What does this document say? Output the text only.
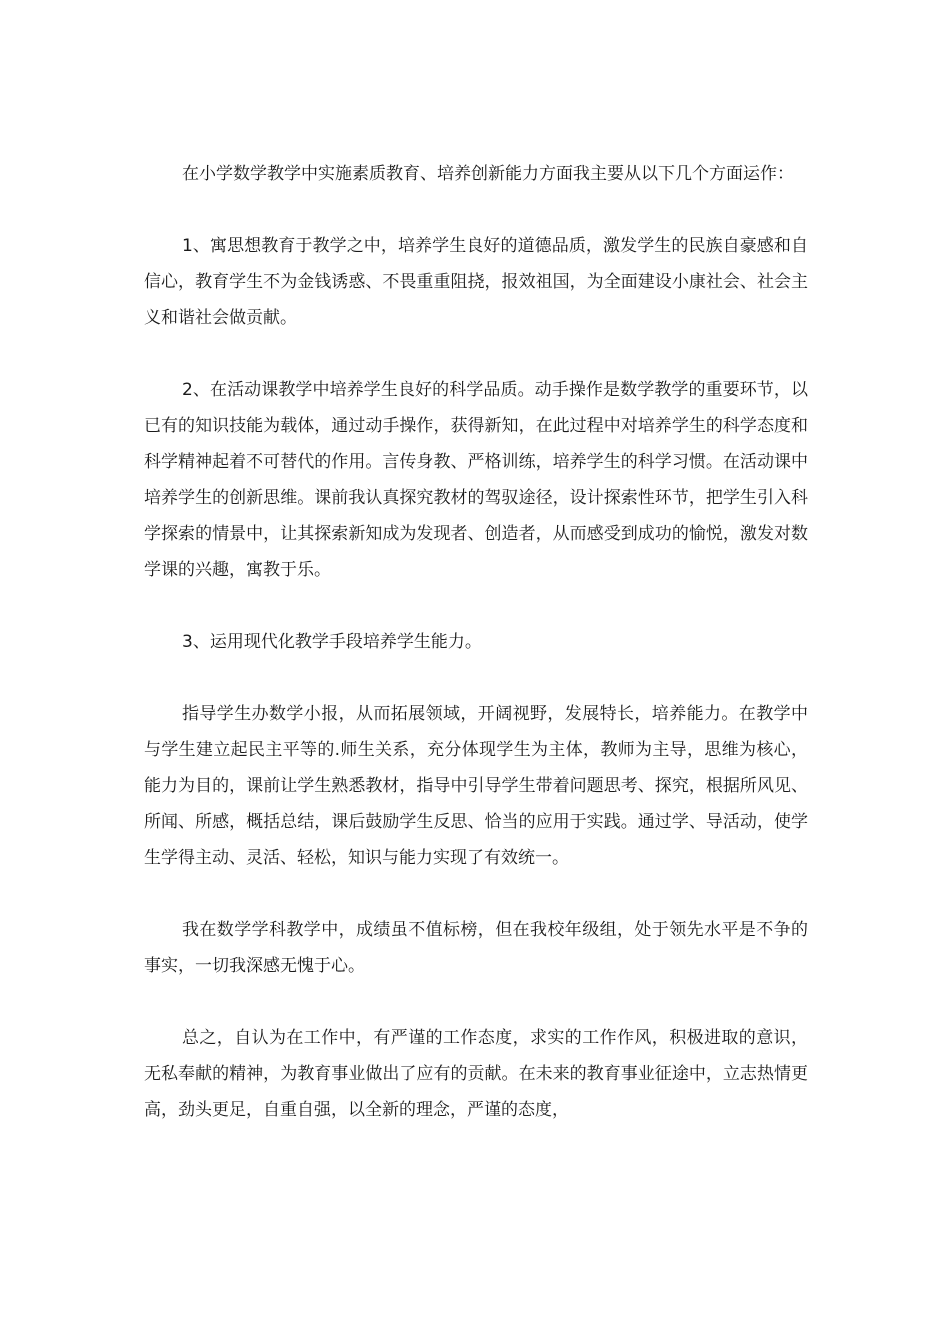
在小学数学教学中实施素质教育、培养创新能力方面我主要从以下几个方面运作：

1、寓思想教育于教学之中，培养学生良好的道德品质，激发学生的民族自豪感和自信心，教育学生不为金钱诱惑、不畏重重阻挠，报效祖国，为全面建设小康社会、社会主义和谐社会做贡献。

2、在活动课教学中培养学生良好的科学品质。动手操作是数学教学的重要环节，以已有的知识技能为载体，通过动手操作，获得新知，在此过程中对培养学生的科学态度和科学精神起着不可替代的作用。言传身教、严格训练，培养学生的科学习惯。在活动课中培养学生的创新思维。课前我认真探究教材的驾驭途径，设计探索性环节，把学生引入科学探索的情景中，让其探索新知成为发现者、创造者，从而感受到成功的愉悦，激发对数学课的兴趣，寓教于乐。

3、运用现代化教学手段培养学生能力。

指导学生办数学小报，从而拓展领域，开阔视野，发展特长，培养能力。在教学中与学生建立起民主平等的.师生关系，充分体现学生为主体，教师为主导，思维为核心，能力为目的，课前让学生熟悉教材，指导中引导学生带着问题思考、探究，根据所风见、所闻、所感，概括总结，课后鼓励学生反思、恰当的应用于实践。通过学、导活动，使学生学得主动、灵活、轻松，知识与能力实现了有效统一。

我在数学学科教学中，成绩虽不值标榜，但在我校年级组，处于领先水平是不争的事实，一切我深感无愧于心。

总之，自认为在工作中，有严谨的工作态度，求实的工作作风，积极进取的意识，无私奉献的精神，为教育事业做出了应有的贡献。在未来的教育事业征途中，立志热情更高，劲头更足，自重自强，以全新的理念，严谨的态度，
